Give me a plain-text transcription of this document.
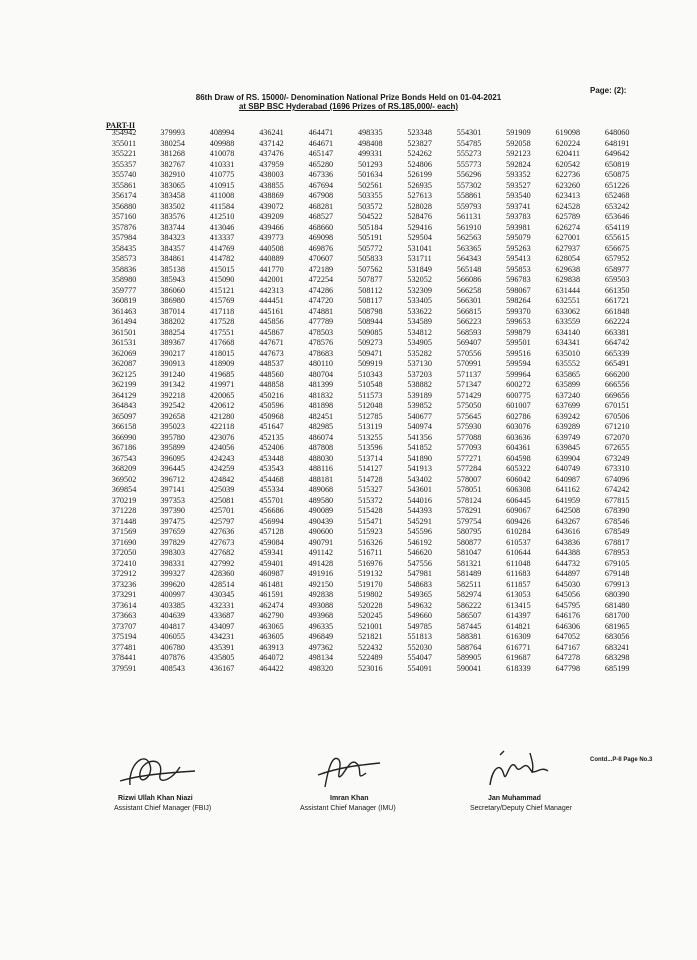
Page: (2):
86th Draw of RS. 15000/- Denomination National Prize Bonds Held on 01-04-2021
at SBP BSC Hyderabad (1696 Prizes of RS.185,000/- each)
PART-II
354942	379993	408994	436241	464471	498335	523348	554301	591909	619098	648060
355011	380254	409988	437142	464671	498408	523827	554785	592058	620224	648191
355221	381268	410078	437476	465147	499331	524262	555273	592123	620411	649642
355357	382767	410331	437959	465280	501293	524806	555773	592824	620542	650819
355740	382910	410775	438003	467336	501634	526199	556296	593352	622736	650875
355861	383065	410915	438855	467694	502561	526935	557302	593527	623260	651226
356174	383458	411008	438869	467908	503355	527613	558861	593540	623413	652468
356880	383502	411584	439072	468281	503572	528028	559793	593741	624528	653242
357160	383576	412510	439209	468527	504522	528476	561131	593783	625789	653646
357876	383744	413046	439466	468660	505184	529416	561910	593981	626274	654119
357984	384323	413337	439773	469098	505191	529504	562563	595079	627001	655615
358435	384357	414769	440508	469876	505772	531041	563365	595263	627937	656675
358573	384861	414782	440889	470607	505833	531711	564343	595413	628054	657952
358836	385138	415015	441770	472189	507562	531849	565148	595853	629638	658977
358980	385943	415090	442001	472254	507877	532052	566086	596783	629838	659503
359777	386060	415121	442313	474286	508112	532309	566258	598067	631444	661350
360819	386980	415769	444451	474720	508117	533405	566301	598264	632551	661721
361463	387014	417118	445161	474881	508798	533622	566815	599370	633062	661848
361494	388202	417528	445856	477789	508944	534589	566223	599653	633559	662224
361501	388254	417551	445867	478503	509085	534812	568593	599879	634140	663381
361531	389367	417668	447671	478576	509273	534905	569407	599501	634341	664742
362069	390217	418015	447673	478683	509471	535282	570556	599516	635010	665339
362087	390913	418909	448537	480110	509919	537130	570991	599594	635552	665491
362125	391240	419685	448560	480704	510343	537203	571137	599964	635865	666200
362199	391342	419971	448858	481399	510548	538882	571347	600272	635899	666556
364129	392218	420065	450216	481832	511573	539189	571429	600775	637240	669656
364843	392542	420612	450596	481898	512048	539852	575050	601007	637699	670151
365097	392658	421280	450968	482451	512785	540677	575645	602786	639242	670506
366158	395023	422118	451647	482985	513119	540974	575930	603076	639289	671210
366990	395780	423076	452135	486074	513255	541356	577088	603636	639749	672070
367186	395899	424056	452406	487808	513596	541852	577093	604361	639845	672655
367543	396095	424243	453448	488030	513714	541890	577271	604598	639904	673249
368209	396445	424259	453543	488116	514127	541913	577284	605322	640749	673310
369502	396712	424842	454468	488181	514728	543402	578007	606042	640987	674096
369854	397141	425039	455334	489068	515327	543601	578051	606308	641162	674242
370219	397353	425081	455701	489580	515372	544016	578124	606445	641959	677815
371228	397390	425701	456686	490089	515428	544393	578291	609067	642508	678390
371448	397475	425797	456994	490439	515471	545291	579754	609426	643267	678546
371569	397659	427636	457128	490600	515923	545596	580795	610284	643616	678549
371690	397829	427673	459084	490791	516326	546192	580877	610537	643836	678817
372050	398303	427682	459341	491142	516711	546620	581047	610644	644388	678953
372410	398331	427992	459401	491428	516976	547556	581321	611048	644732	679105
372912	399327	428360	460987	491916	519132	547981	581489	611683	644897	679148
373236	399620	428514	461481	492150	519170	548683	582511	611857	645030	679913
373291	400997	430345	461591	492838	519802	549365	582974	613053	645056	680390
373614	403385	432331	462474	493088	520228	549632	586222	613415	645795	681480
373663	404639	433687	462790	493968	520245	549660	586507	614397	646176	681700
373707	404817	434097	463065	496335	521001	549785	587445	614821	646306	681965
375194	406055	434231	463605	496849	521821	551813	588381	616309	647052	683056
377481	406780	435391	463913	497362	522432	552030	588764	616771	647167	683241
378441	407876	435805	464072	498134	522489	554047	589905	619687	647278	683298
379591	408543	436167	464422	498320	523016	554091	590041	618339	647798	685199
Contd...P-II Page No.3
Rizwi Ullah Khan Niazi
Assistant Chief Manager (FBIJ)
Imran Khan
Assistant Chief Manager (IMU)
Jan Muhammad
Secretary/Deputy Chief Manager
